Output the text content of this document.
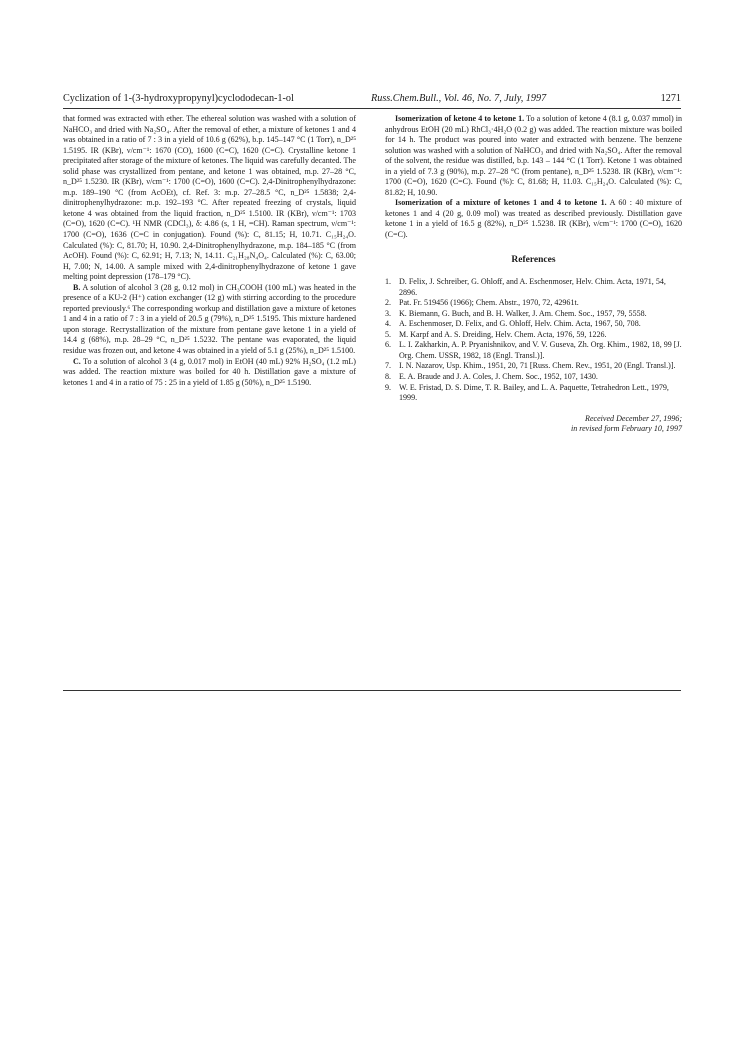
Cyclization of 1-(3-hydroxypropynyl)cyclododecan-1-ol	Russ.Chem.Bull., Vol. 46, No. 7, July, 1997	1271

that formed was extracted with ether. The ethereal solution was washed with a solution of NaHCO₃ and dried with Na₂SO₄. After the removal of ether, a mixture of ketones 1 and 4 was obtained in a ratio of 7 : 3 in a yield of 10.6 g (62%), b.p. 145–147 °C (1 Torr), n_D²⁵ 1.5195. IR (KBr), ν/cm⁻¹: 1670 (CO), 1600 (C=C), 1620 (C=C). Crystalline ketone 1 precipitated after storage of the mixture of ketones. The liquid was carefully decanted. The solid phase was crystallized from pentane, and ketone 1 was obtained, m.p. 27–28 °C, n_D²⁵ 1.5230. IR (KBr), ν/cm⁻¹: 1700 (C=O), 1600 (C=C). 2,4-Dinitrophenylhydrazone: m.p. 189–190 °C (from AcOEt), cf. Ref. 3: m.p. 27–28.5 °C, n_D²⁵ 1.5838; 2,4-dinitrophenylhydrazone: m.p. 192–193 °C. After repeated freezing of crystals, liquid ketone 4 was obtained from the liquid fraction, n_D²⁵ 1.5100. IR (KBr), ν/cm⁻¹: 1703 (C=O), 1620 (C=C). ¹H NMR (CDCl₃), δ: 4.86 (s, 1 H, =CH). Raman spectrum, ν/cm⁻¹: 1700 (C=O), 1636 (C=C in conjugation). Found (%): C, 81.15; H, 10.71. C₁₅H₂₄O. Calculated (%): C, 81.70; H, 10.90. 2,4-Dinitrophenylhydrazone, m.p. 184–185 °C (from AcOH). Found (%): C, 62.91; H, 7.13; N, 14.11. C₂₁H₂₈N₄O₄. Calculated (%): C, 63.00; H, 7.00; N, 14.00. A sample mixed with 2,4-dinitrophenylhydrazone of ketone 1 gave melting point depression (178–179 °C).

B. A solution of alcohol 3 (28 g, 0.12 mol) in CH₃COOH (100 mL) was heated in the presence of a KU-2 (H⁺) cation exchanger (12 g) with stirring according to the procedure reported previously.⁶ The corresponding workup and distillation gave a mixture of ketones 1 and 4 in a ratio of 7 : 3 in a yield of 20.5 g (79%), n_D²⁵ 1.5195. This mixture hardened upon storage. Recrystallization of the mixture from pentane gave ketone 1 in a yield of 14.4 g (68%), m.p. 28–29 °C, n_D²⁵ 1.5232. The pentane was evaporated, the liquid residue was frozen out, and ketone 4 was obtained in a yield of 5.1 g (25%), n_D²⁵ 1.5100.

C. To a solution of alcohol 3 (4 g, 0.017 mol) in EtOH (40 mL) 92% H₂SO₄ (1.2 mL) was added. The reaction mixture was boiled for 40 h. Distillation gave a mixture of ketones 1 and 4 in a ratio of 75 : 25 in a yield of 1.85 g (50%), n_D²⁵ 1.5190.

Isomerization of ketone 4 to ketone 1. To a solution of ketone 4 (8.1 g, 0.037 mmol) in anhydrous EtOH (20 mL) RhCl₃·4H₂O (0.2 g) was added. The reaction mixture was boiled for 14 h. The product was poured into water and extracted with benzene. The benzene solution was washed with a solution of NaHCO₃ and dried with Na₂SO₄. After the removal of the solvent, the residue was distilled, b.p. 143 – 144 °C (1 Torr). Ketone 1 was obtained in a yield of 7.3 g (90%), m.p. 27–28 °C (from pentane), n_D²⁵ 1.5238. IR (KBr), ν/cm⁻¹: 1700 (C=O), 1620 (C=C). Found (%): C, 81.68; H, 11.03. C₁₅H₂₄O. Calculated (%): C, 81.82; H, 10.90.

Isomerization of a mixture of ketones 1 and 4 to ketone 1. A 60 : 40 mixture of ketones 1 and 4 (20 g, 0.09 mol) was treated as described previously. Distillation gave ketone 1 in a yield of 16.5 g (82%), n_D²⁵ 1.5238. IR (KBr), ν/cm⁻¹: 1700 (C=O), 1620 (C=C).

References
1. D. Felix, J. Schreiber, G. Ohloff, and A. Eschenmoser, Helv. Chim. Acta, 1971, 54, 2896.
2. Pat. Fr. 519456 (1966); Chem. Abstr., 1970, 72, 42961t.
3. K. Biemann, G. Buch, and B. H. Walker, J. Am. Chem. Soc., 1957, 79, 5558.
4. A. Eschenmoser, D. Felix, and G. Ohloff, Helv. Chim. Acta, 1967, 50, 708.
5. M. Karpf and A. S. Dreiding, Helv. Chem. Acta, 1976, 59, 1226.
6. L. I. Zakharkin, A. P. Pryanishnikov, and V. V. Guseva, Zh. Org. Khim., 1982, 18, 99 [J. Org. Chem. USSR, 1982, 18 (Engl. Transl.)].
7. I. N. Nazarov, Usp. Khim., 1951, 20, 71 [Russ. Chem. Rev., 1951, 20 (Engl. Transl.)].
8. E. A. Braude and J. A. Coles, J. Chem. Soc., 1952, 107, 1430.
9. W. E. Fristad, D. S. Dime, T. R. Bailey, and L. A. Paquette, Tetrahedron Lett., 1979, 1999.
Received December 27, 1996;
in revised form February 10, 1997
